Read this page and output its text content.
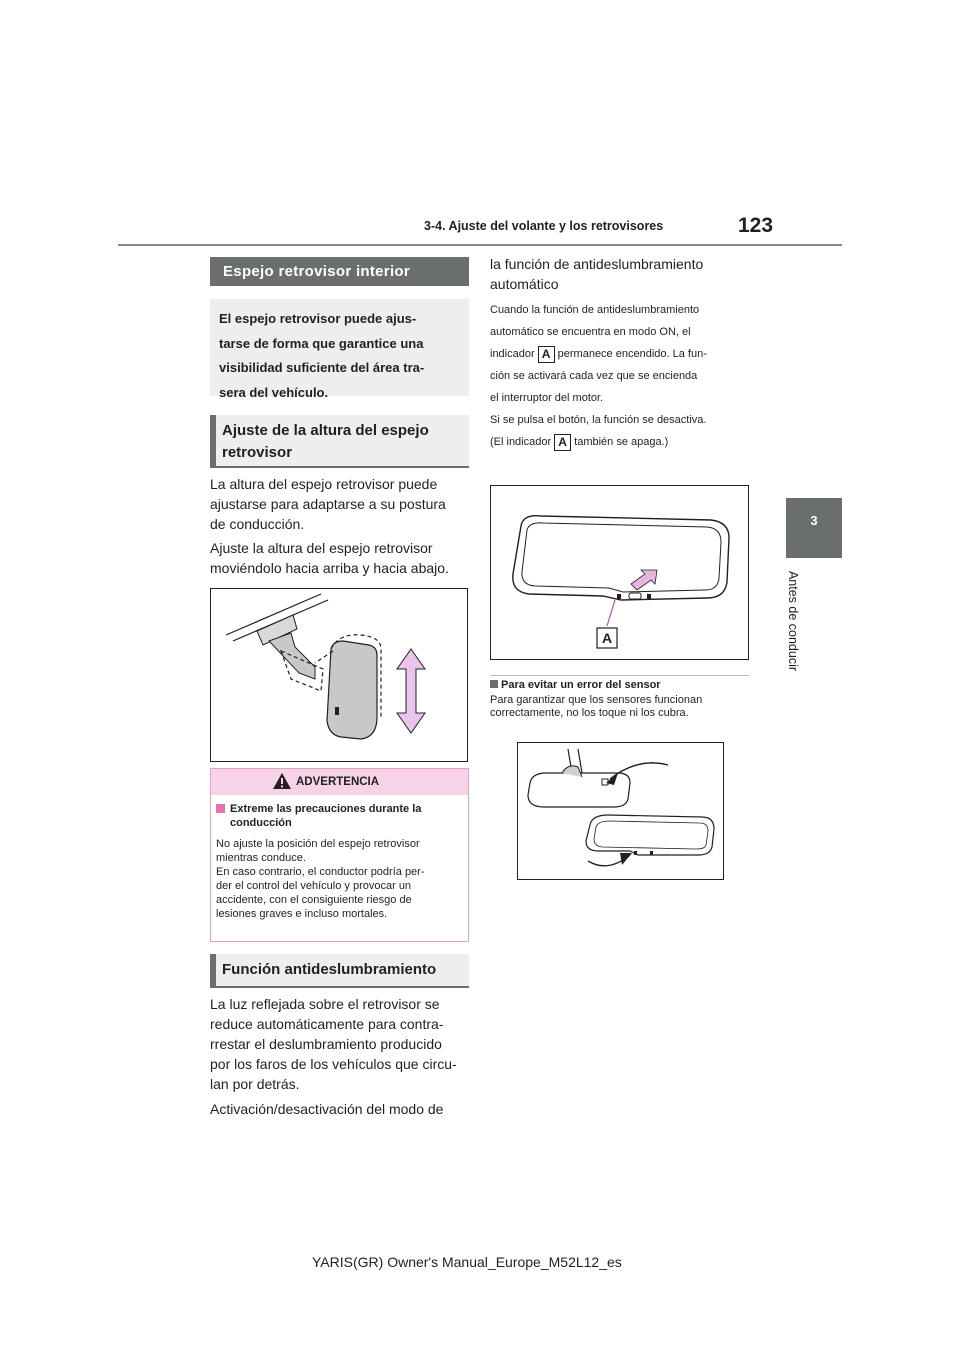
3-4. Ajuste del volante y los retrovisores	123
3
Antes de conducir
Espejo retrovisor interior
El espejo retrovisor puede ajus-
tarse de forma que garantice una
visibilidad suficiente del área tra-
sera del vehículo.
Ajuste de la altura del espejo retrovisor
La altura del espejo retrovisor puede
ajustarse para adaptarse a su postura
de conducción.
Ajuste la altura del espejo retrovisor
moviéndolo hacia arriba y hacia abajo.
ADVERTENCIA
Extreme las precauciones durante la conducción
No ajuste la posición del espejo retrovisor
mientras conduce.
En caso contrario, el conductor podría per-
der el control del vehículo y provocar un
accidente, con el consiguiente riesgo de
lesiones graves e incluso mortales.
Función antideslumbramiento
La luz reflejada sobre el retrovisor se
reduce automáticamente para contra-
rrestar el deslumbramiento producido
por los faros de los vehículos que circu-
lan por detrás.
Activación/desactivación del modo de
la función de antideslumbramiento
automático
Cuando la función de antideslumbramiento
automático se encuentra en modo ON, el
indicador A permanece encendido. La fun-
ción se activará cada vez que se encienda
el interruptor del motor.
Si se pulsa el botón, la función se desactiva.
(El indicador A también se apaga.)
A
Para evitar un error del sensor
Para garantizar que los sensores funcionan
correctamente, no los toque ni los cubra.
YARIS(GR) Owner's Manual_Europe_M52L12_es
